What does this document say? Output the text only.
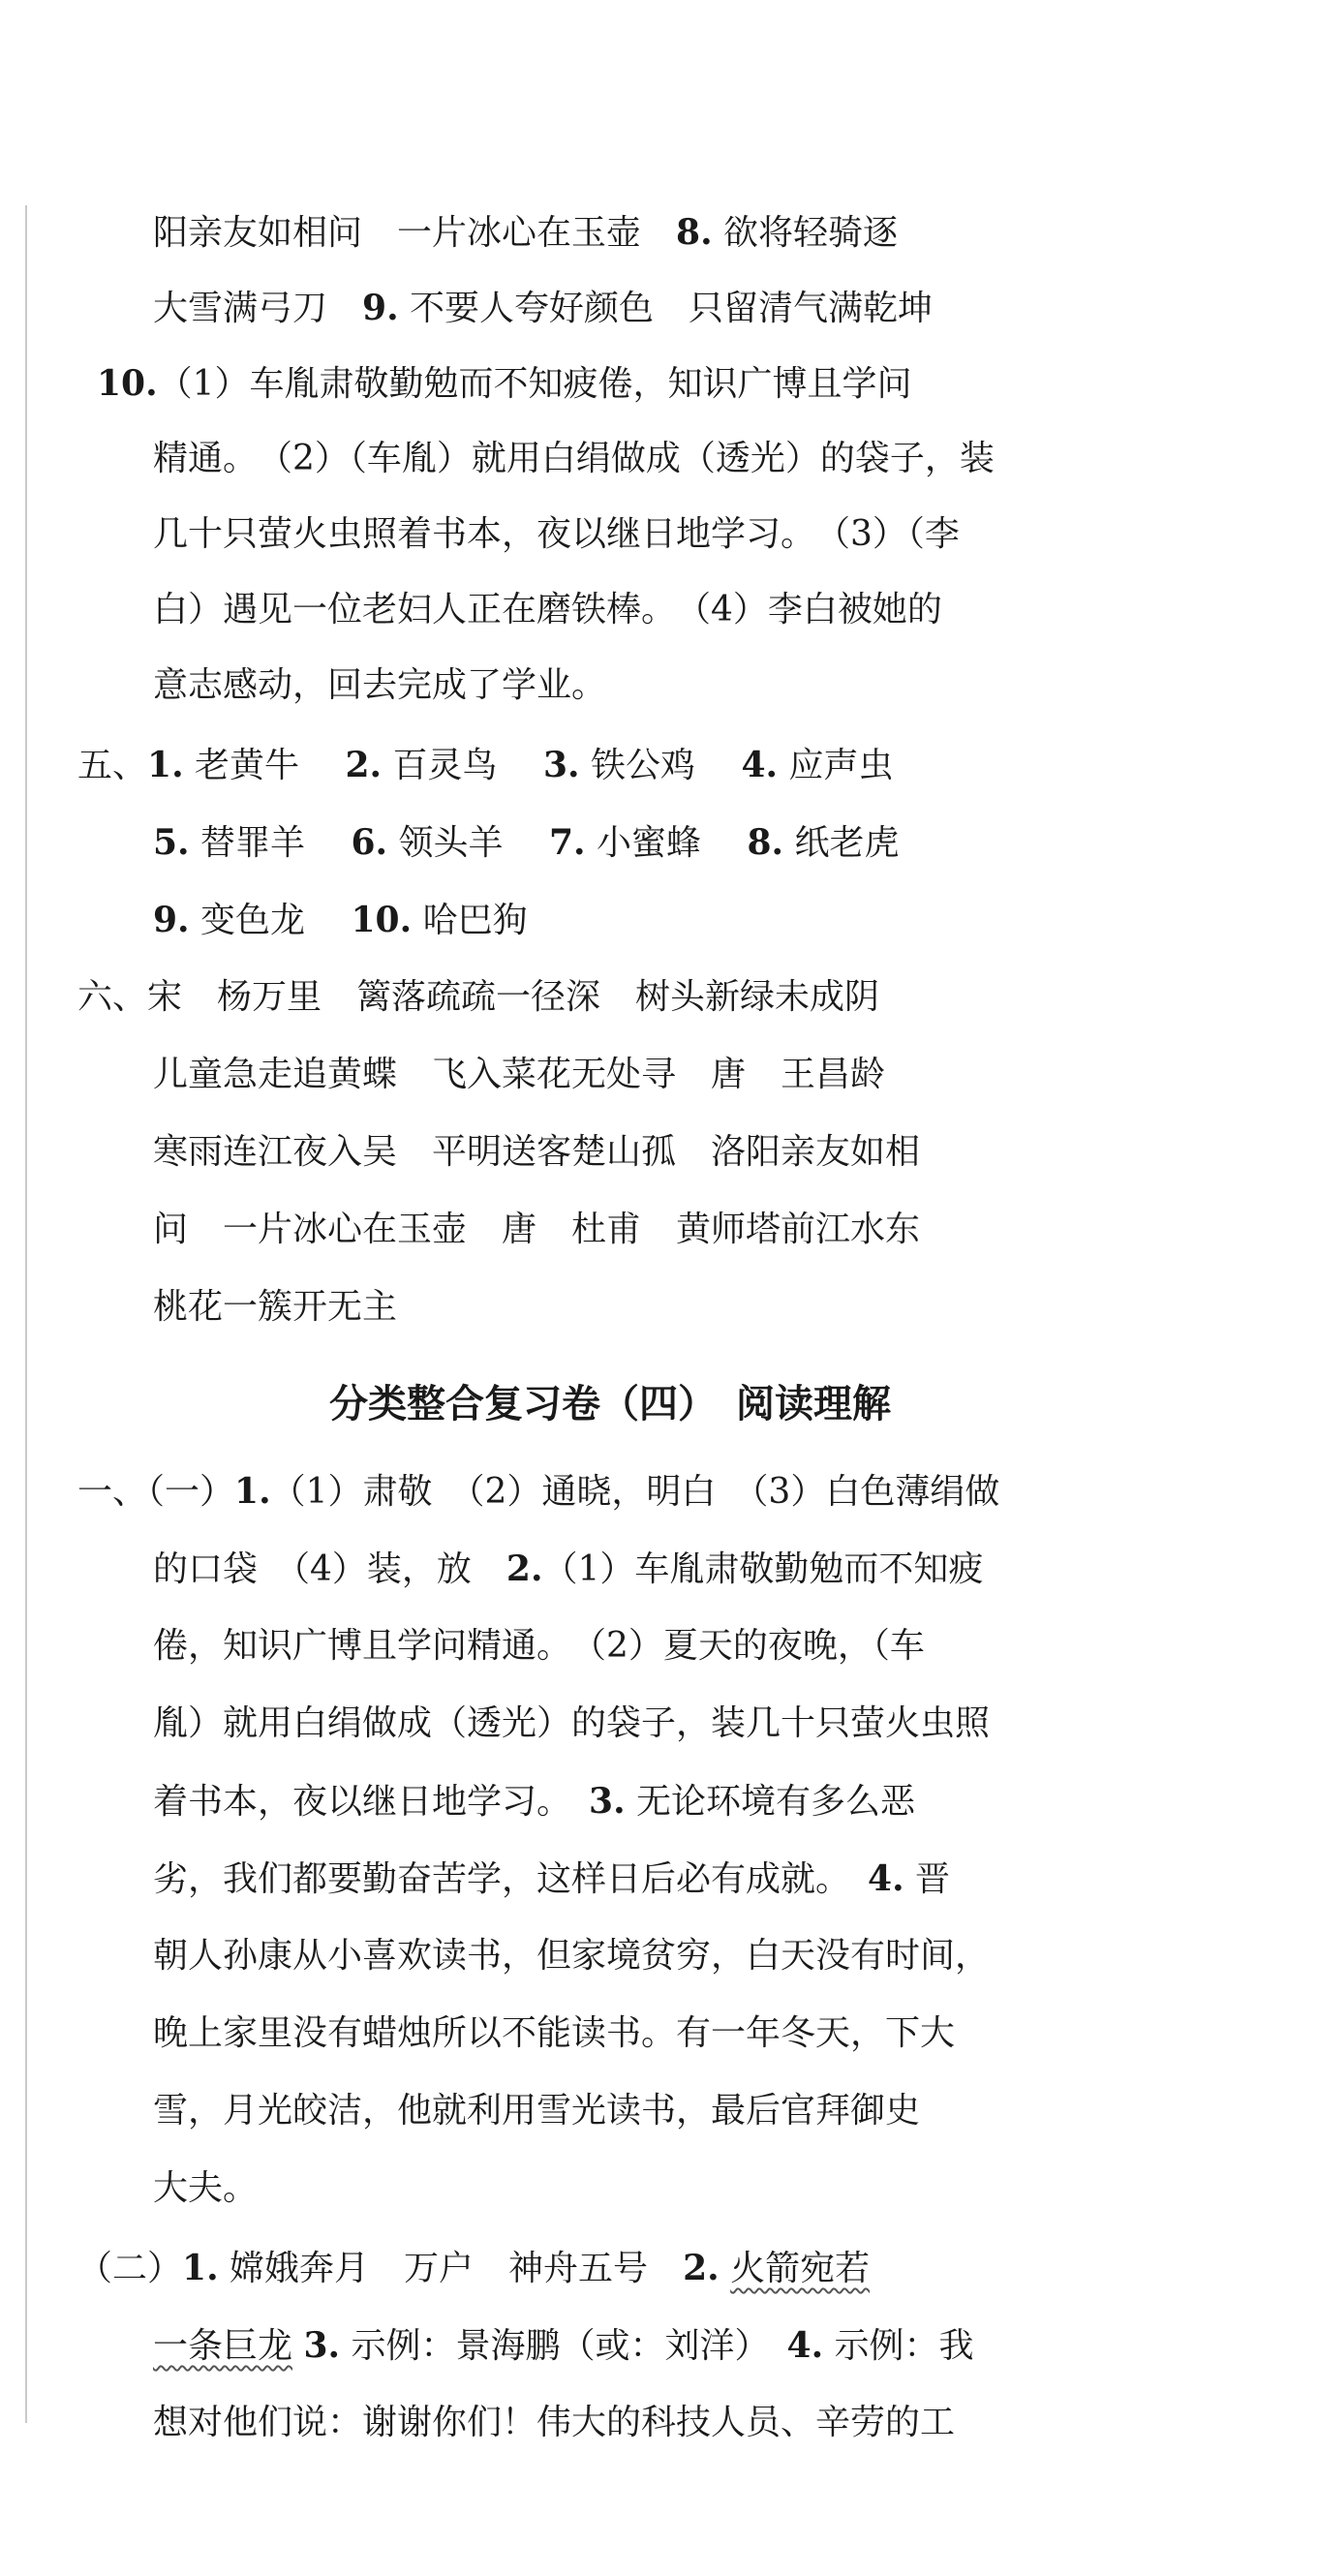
阳亲友如相问　一片冰心在玉壶　8. 欲将轻骑逐
大雪满弓刀　9. 不要人夸好颜色　只留清气满乾坤
10.（1）车胤肃敬勤勉而不知疲倦，知识广博且学问
精通。　（2）（车胤）就用白绢做成（透光）的袋子，装
几十只萤火虫照着书本，夜以继日地学习。　（3）（李
白）遇见一位老妇人正在磨铁棒。　（4）李白被她的
意志感动，回去完成了学业。
五、1. 老黄牛　 2. 百灵鸟　 3. 铁公鸡　 4. 应声虫
5. 替罪羊　 6. 领头羊　 7. 小蜜蜂　 8. 纸老虎
9. 变色龙　 10. 哈巴狗
六、宋　杨万里　篱落疏疏一径深　树头新绿未成阴
儿童急走追黄蝶　飞入菜花无处寻　唐　王昌龄
寒雨连江夜入吴　平明送客楚山孤　洛阳亲友如相
问　一片冰心在玉壶　唐　杜甫　黄师塔前江水东
桃花一簇开无主
一、（一）1.（1）肃敬　（2）通晓，明白　（3）白色薄绢做
的口袋　（4）装，放　2.（1）车胤肃敬勤勉而不知疲
倦，知识广博且学问精通。　（2）夏天的夜晚，（车
胤）就用白绢做成（透光）的袋子，装几十只萤火虫照
着书本，夜以继日地学习。　3. 无论环境有多么恶
劣，我们都要勤奋苦学，这样日后必有成就。　4. 晋
朝人孙康从小喜欢读书，但家境贫穷，白天没有时间，
晚上家里没有蜡烛所以不能读书。有一年冬天，下大
雪，月光皎洁，他就利用雪光读书，最后官拜御史
大夫。
（二）1. 嫦娥奔月　万户　神舟五号　2. 火箭宛若
一条巨龙 3. 示例：景海鹏（或：刘洋）　4. 示例：我
想对他们说：谢谢你们！伟大的科技人员、辛劳的工
分类整合复习卷（四）　阅读理解
